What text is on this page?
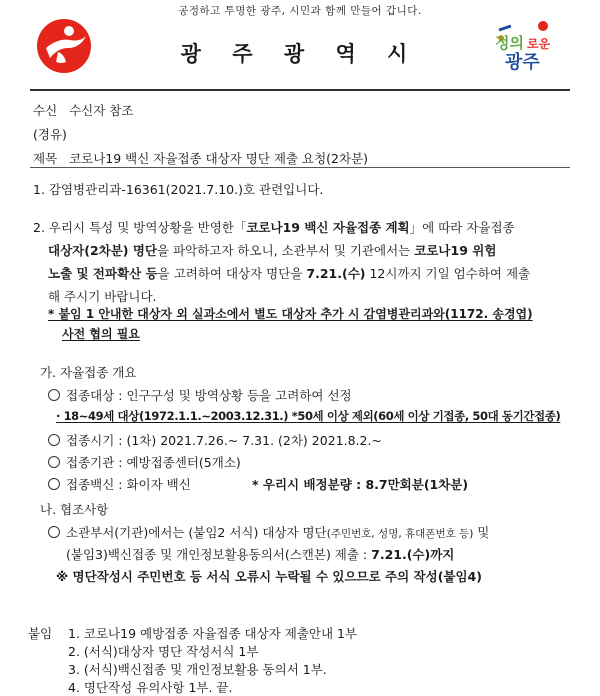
공정하고 투명한 광주, 시민과 함께 만들어 갑니다.
광 주 광 역 시	정의 로운
광주
수신 수신자 참조
(경유)
제목 코로나19 백신 자율접종 대상자 명단 제출 요청(2차분)
1. 감염병관리과-16361(2021.7.10.)호 관련입니다.
2. 우리시 특성 및 방역상황을 반영한「코로나19 백신 자율접종 계획」에 따라 자율접종
대상자(2차분) 명단을 파악하고자 하오니, 소관부서 및 기관에서는 코로나19 위험
노출 및 전파확산 등을 고려하여 대상자 명단을 7.21.(수) 12시까지 기일 엄수하여 제출
해 주시기 바랍니다.
* 붙임 1 안내한 대상자 외 실과소에서 별도 대상자 추가 시 감염병관리과와(1172. 송경엽)
사전 협의 필요
가. 자율접종 개요
접종대상 : 인구구성 및 방역상황 등을 고려하여 선정
· 18~49세 대상(1972.1.1.~2003.12.31.) *50세 이상 제외(60세 이상 기접종, 50대 동기간접종)
접종시기 : (1차) 2021.7.26.~ 7.31. (2차) 2021.8.2.~
접종기관 : 예방접종센터(5개소)
접종백신 : 화이자 백신	* 우리시 배정분량 : 8.7만회분(1차분)
나. 협조사항
소관부서(기관)에서는 (붙임2 서식) 대상자 명단(주민번호, 성명, 휴대폰번호 등) 및
(붙임3)백신접종 및 개인정보활용동의서(스캔본) 제출 : 7.21.(수)까지
※ 명단작성시 주민번호 등 서식 오류시 누락될 수 있으므로 주의 작성(붙임4)
붙임 1. 코로나19 예방접종 자율접종 대상자 제출안내 1부
2. (서식)대상자 명단 작성서식 1부
3. (서식)백신접종 및 개인정보활용 동의서 1부.
4. 명단작성 유의사항 1부. 끝.
